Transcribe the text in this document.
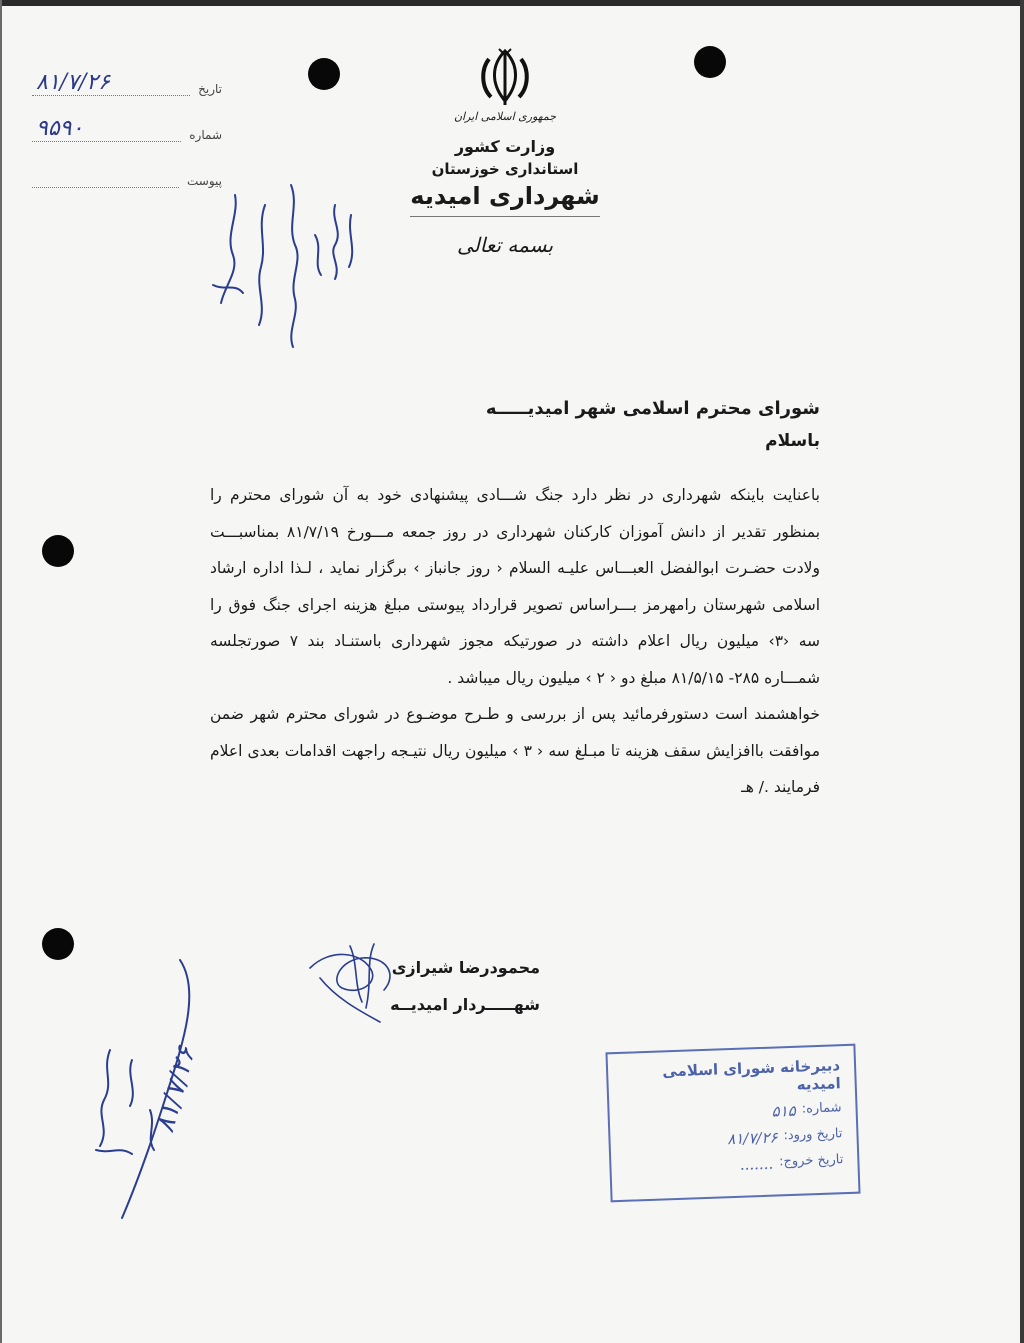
تاریخ
۸۱/۷/۲۶
شماره
۹۵۹۰
پیوست
جمهوری اسلامی ایران
وزارت کشور
استانداری خوزستان
شهرداری امیدیه
بسمه تعالی
شورای محترم اسلامی شهر امیدیـــــه
باسلام
باعنایت باینکه شهرداری در نظر دارد جنگ شـــادی پیشنهادی خود به آن شورای محترم را بمنظور تقدیر از دانش آموزان کارکنان شهرداری در روز جمعه مـــورخ ۸۱/۷/۱۹ بمناسبـــت ولادت حضـرت ابوالفضل العبـــاس علیـه السلام ‹ روز جانباز › برگزار نماید ، لـذا اداره ارشاد اسلامی شهرستان رامهرمز بـــراساس تصویر قرارداد پیوستی مبلغ هزینه اجرای جنگ فوق را سه ‹۳› میلیون ریال اعلام داشته در صورتیکه مجوز شهرداری باستنـاد بند ۷ صورتجلسه شمـــاره ۲۸۵- ۸۱/۵/۱۵ مبلغ دو ‹ ۲ › میلیون ریال میباشد .
خواهشمند است دستورفرمائید پس از بررسی و طـرح موضـوع در شورای محترم شهر ضمن موافقت باافزایش سقف هزینه تا مبـلغ سه ‹ ۳ › میلیون ریال نتیـجه راجهت اقدامات بعدی اعلام فرمایند ./ هـ
محمودرضا شیرازی
شهـــــردار امیدیــه
۸۱/۷/۲۶	دبیرخانه شورای اسلامی امیدیه
شماره:
۵۱۵
تاریخ ورود:
۸۱/۷/۲۶
تاریخ خروج:
.......
